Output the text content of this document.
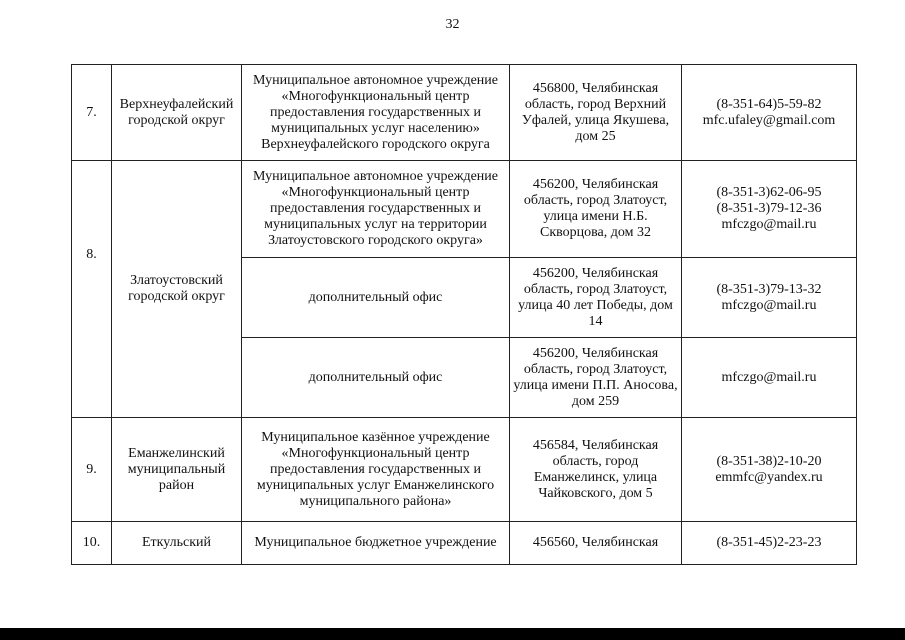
32
7.	Верхнеуфалейский городской округ	Муниципальное автономное учреждение «Многофункциональный центр предоставления государственных и муниципальных услуг населению» Верхнеуфалейского городского округа	456800, Челябинская область, город Верхний Уфалей, улица Якушева, дом 25	(8-351-64)5-59-82
mfc.ufaley@gmail.com

8.	Златоустовский городской округ	Муниципальное автономное учреждение «Многофункциональный центр предоставления государственных и муниципальных услуг на территории Златоустовского городского округа»	456200, Челябинская область, город Златоуст, улица имени Н.Б. Скворцова, дом 32	(8-351-3)62-06-95
(8-351-3)79-12-36
mfczgo@mail.ru

		дополнительный офис	456200, Челябинская область, город Златоуст, улица 40 лет Победы, дом 14	(8-351-3)79-13-32
mfczgo@mail.ru

		дополнительный офис	456200, Челябинская область, город Златоуст, улица имени П.П. Аносова, дом 259	mfczgo@mail.ru

9.	Еманжелинский муниципальный район	Муниципальное казённое учреждение «Многофункциональный центр предоставления государственных и муниципальных услуг Еманжелинского муниципального района»	456584, Челябинская область, город Еманжелинск, улица Чайковского, дом 5	(8-351-38)2-10-20
emmfc@yandex.ru

10.	Еткульский	Муниципальное бюджетное учреждение	456560, Челябинская	(8-351-45)2-23-23
